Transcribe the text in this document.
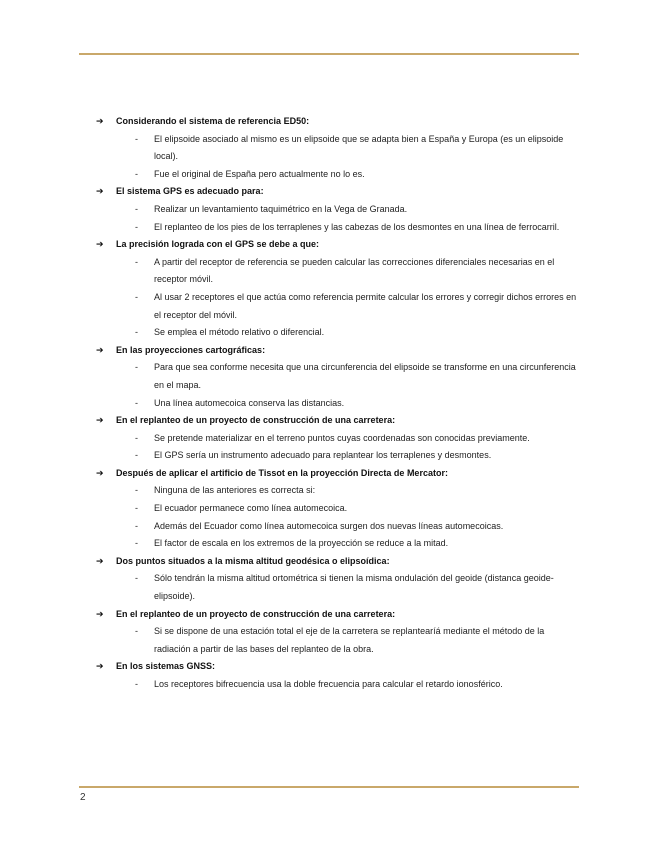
➔	Considerando el sistema de referencia ED50:
-	El elipsoide asociado al mismo es un elipsoide que se adapta bien a España y Europa (es un elipsoide local).
-	Fue el original de España pero actualmente no lo es.
➔	El sistema GPS es adecuado para:
-	Realizar un levantamiento taquimétrico en la Vega de Granada.
-	El replanteo de los pies de los terraplenes y las cabezas de los desmontes en una línea de ferrocarril.
➔	La precisión lograda con el GPS se debe a que:
-	A partir del receptor de referencia se pueden calcular las correcciones diferenciales necesarias en el receptor móvil.
-	Al usar 2 receptores el que actúa como referencia permite calcular los errores y corregir dichos errores en el receptor del móvil.
-	Se emplea el método relativo o diferencial.
➔	En las proyecciones cartográficas:
-	Para que sea conforme necesita que una circunferencia del elipsoide se transforme en una circunferencia en el mapa.
-	Una línea automecoica conserva las distancias.
➔	En el replanteo de un proyecto de construcción de una carretera:
-	Se pretende materializar en el terreno puntos cuyas coordenadas son conocidas previamente.
-	El GPS sería un instrumento adecuado para replantear los terraplenes y desmontes.
➔	Después de aplicar el artificio de Tissot en la proyección Directa de Mercator:
-	Ninguna de las anteriores es correcta si:
-	El ecuador permanece como línea automecoica.
-	Además del Ecuador como línea automecoica surgen dos nuevas líneas automecoicas.
-	El factor de escala en los extremos de la proyección se reduce a la mitad.
➔	Dos puntos situados a la misma altitud geodésica o elipsoídica:
-	Sólo tendrán la misma altitud ortométrica si tienen la misma ondulación del geoide (distanca geoide-elipsoide).
➔	En el replanteo de un proyecto de construcción de una carretera:
-	Si se dispone de una estación total el eje de la carretera se replantearíá mediante el método de la radiación a partir de las bases del replanteo de la obra.
➔	En los sistemas GNSS:
-	Los receptores bifrecuencia usa la doble frecuencia para calcular el retardo ionosférico.
2
